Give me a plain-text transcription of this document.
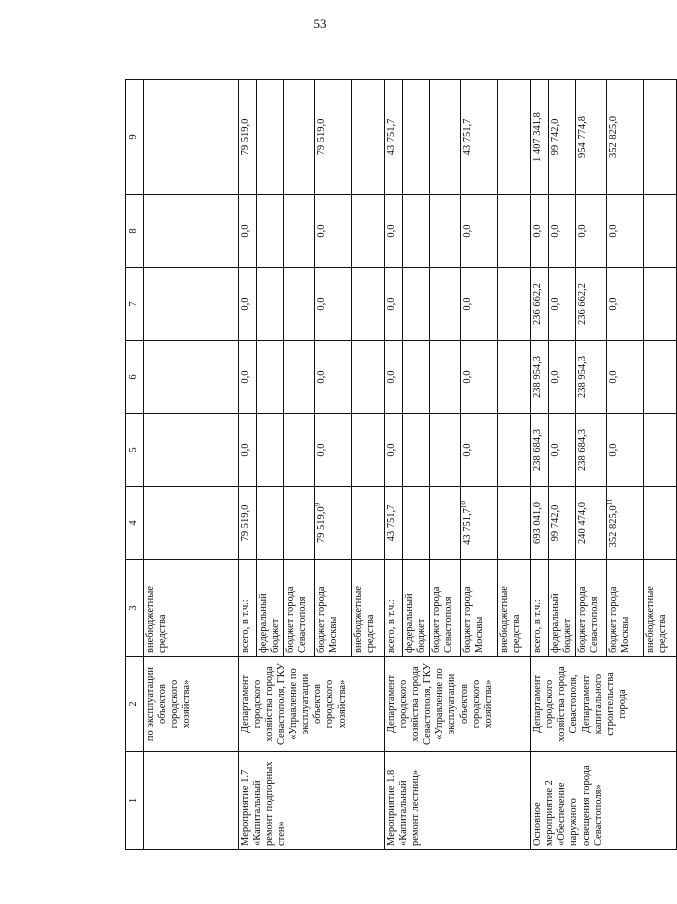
53
1	2	3	4	5	6	7	8	9
	по эксплуатации объектов городского хозяйства»	внебюджетные средства						
Мероприятие 1.7 «Капитальный ремонт подпорных стен»	Департамент городского хозяйства города Севастополя, ГКУ «Управление по эксплуатации объектов городского хозяйства»	всего, в т.ч.:	79 519,0	0,0	0,0	0,0	0,0	79 519,0
		федеральный бюджет						
		бюджет города Севастополя						
		бюджет города Москвы	79 519,0$^9$	0,0	0,0	0,0	0,0	79 519,0
		внебюджетные средства						
Мероприятие 1.8 «Капитальный ремонт лестниц»	Департамент городского хозяйства города Севастополя, ГКУ «Управление по эксплуатации объектов городского хозяйства»	всего, в т.ч.:	43 751,7	0,0	0,0	0,0	0,0	43 751,7
		федеральный бюджет						
		бюджет города Севастополя						
		бюджет города Москвы	43 751,7$^{10}$	0,0	0,0	0,0	0,0	43 751,7
		внебюджетные средства						
Основное мероприятие 2 «Обеспечение наружного освещения города Севастополя»	Департамент городского хозяйства города Севастополя, Департамент капитального строительства города	всего, в т.ч.:	693 041,0	238 684,3	238 954,3	236 662,2	0,0	1 407 341,8
		федеральный бюджет	99 742,0	0,0	0,0	0,0	0,0	99 742,0
		бюджет города Севастополя	240 474,0	238 684,3	238 954,3	236 662,2	0,0	954 774,8
		бюджет города Москвы	352 825,0$^{11}$	0,0	0,0	0,0	0,0	352 825,0
		внебюджетные средства						
